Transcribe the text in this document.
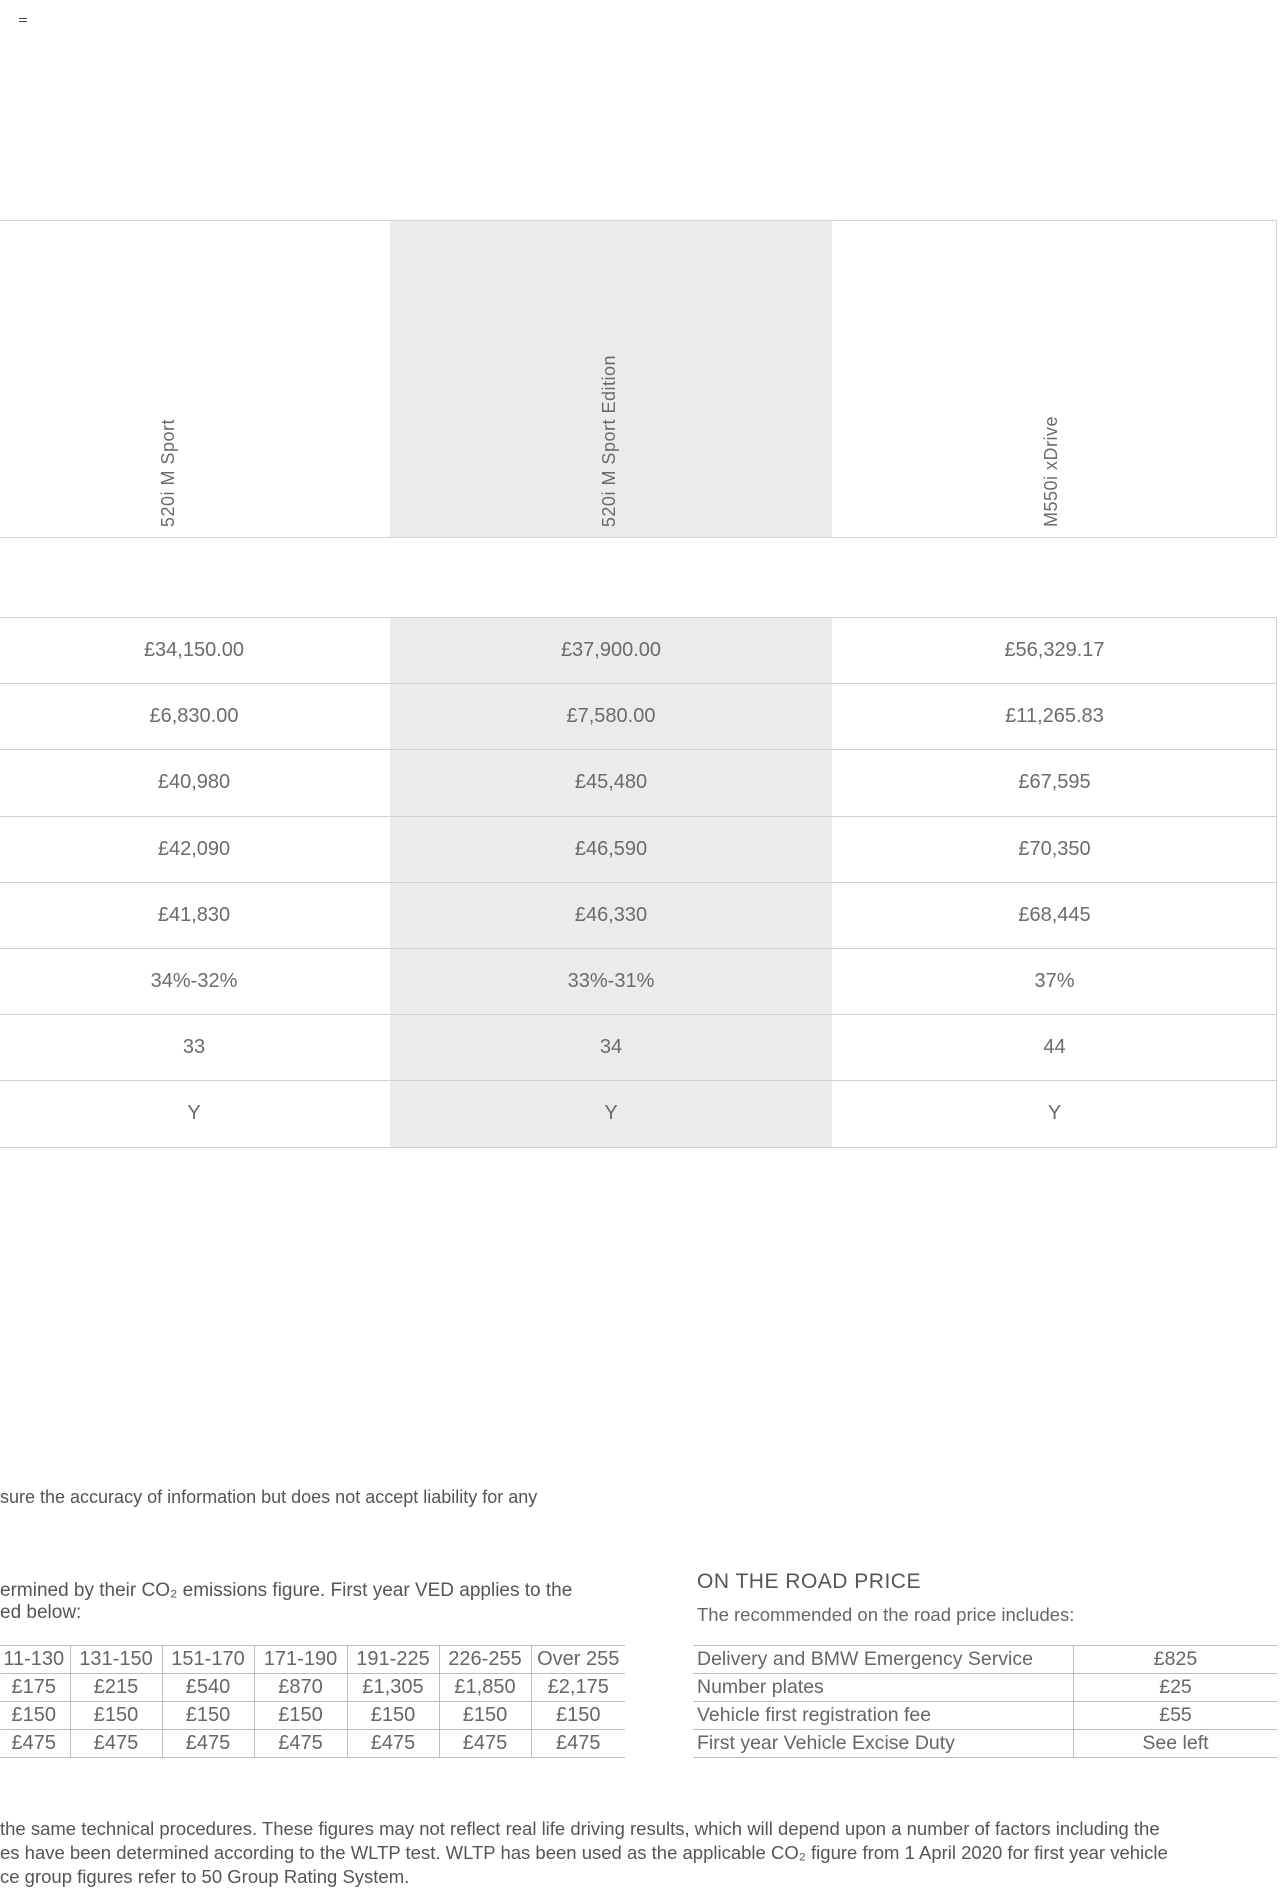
520i M Sport	520i M Sport Edition	M550i xDrive
£34,150.00	£37,900.00	£56,329.17
£6,830.00	£7,580.00	£11,265.83
£40,980	£45,480	£67,595
£42,090	£46,590	£70,350
£41,830	£46,330	£68,445
34%-32%	33%-31%	37%
33	34	44
Y	Y	Y
sure the accuracy of information but does not accept liability for any
ermined by their CO₂ emissions figure. First year VED applies to the
ed below:
11-130	131-150	151-170	171-190	191-225	226-255	Over 255
£175	£215	£540	£870	£1,305	£1,850	£2,175
£150	£150	£150	£150	£150	£150	£150
£475	£475	£475	£475	£475	£475	£475
ON THE ROAD PRICE
The recommended on the road price includes:
Delivery and BMW Emergency Service	£825
Number plates	£25
Vehicle first registration fee	£55
First year Vehicle Excise Duty	See left
the same technical procedures. These figures may not reflect real life driving results, which will depend upon a number of factors including the
es have been determined according to the WLTP test. WLTP has been used as the applicable CO₂ figure from 1 April 2020 for first year vehicle
ce group figures refer to 50 Group Rating System.
